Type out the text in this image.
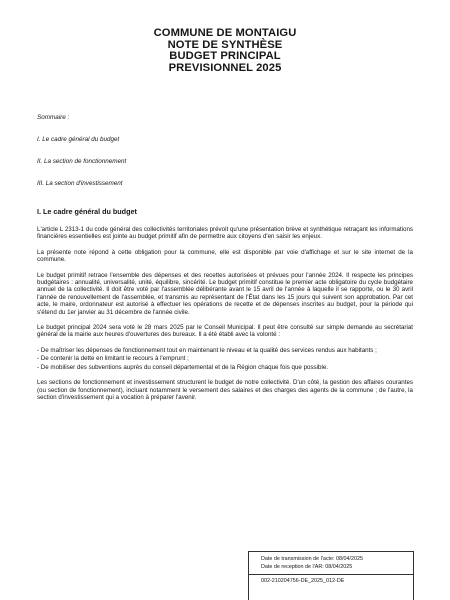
COMMUNE DE MONTAIGU
NOTE DE SYNTHÈSE
BUDGET PRINCIPAL
PREVISIONNEL 2025
Sommaire :
I. Le cadre général du budget
II. La section de fonctionnement
III. La section d'investissement
I. Le cadre général du budget

L'article L 2313-1 du code général des collectivités territoriales prévoit qu'une présentation brève et synthétique retraçant les informations financières essentielles est jointe au budget primitif afin de permettre aux citoyens d'en saisir les enjeux.

La présente note répond à cette obligation pour la commune, elle est disponible par voie d'affichage et sur le site internet de la commune.

Le budget primitif retrace l'ensemble des dépenses et des recettes autorisées et prévues pour l'année 2024. Il respecte les principes budgétaires : annualité, universalité, unité, équilibre, sincérité. Le budget primitif constitue le premier acte obligatoire du cycle budgétaire annuel de la collectivité. Il doit être voté par l'assemblée délibérante avant le 15 avril de l'année à laquelle il se rapporte, ou le 30 avril l'année de renouvellement de l'assemblée, et transmis au représentant de l'État dans les 15 jours qui suivent son approbation. Par cet acte, le maire, ordonnateur est autorisé à effectuer les opérations de recette et de dépenses inscrites au budget, pour la période qui s'étend du 1er janvier au 31 décembre de l'année civile.

Le budget principal 2024 sera voté le 28 mars 2025 par le Conseil Municipal. Il peut être consulté sur simple demande au secrétariat général de la mairie aux heures d'ouvertures des bureaux. Il a été établi avec la volonté :

- De maîtriser les dépenses de fonctionnement tout en maintenant le niveau et la qualité des services rendus aux habitants ;
- De contenir la dette en limitant le recours à l'emprunt ;
- De mobiliser des subventions auprès du conseil départemental et de la Région chaque fois que possible.

Les sections de fonctionnement et investissement structurent le budget de notre collectivité. D'un côté, la gestion des affaires courantes (ou section de fonctionnement), incluant notamment le versement des salaires et des charges des agents de la commune ; de l'autre, la section d'investissement qui a vocation à préparer l'avenir.

Date de transmission de l'acte: 08/04/2025
Date de reception de l'AR: 08/04/2025
002-210204756-DE_2025_012-DE
